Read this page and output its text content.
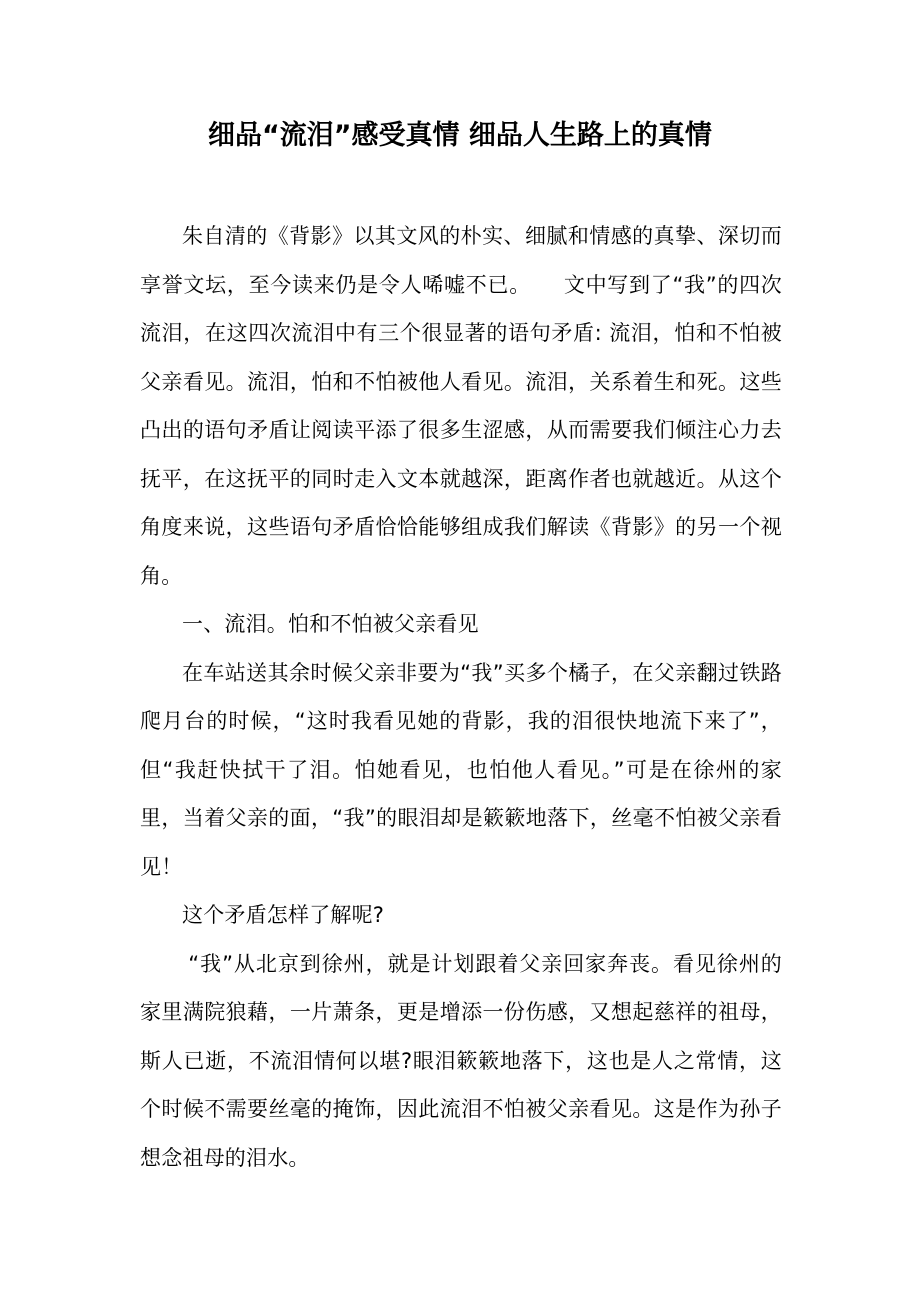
细品“流泪”感受真情 细品人生路上的真情

朱自清的《背影》以其文风的朴实、细腻和情感的真挚、深切而享誉文坛，至今读来仍是令人唏嘘不已。　　文中写到了“我”的四次流泪，在这四次流泪中有三个很显著的语句矛盾: 流泪，怕和不怕被父亲看见。流泪，怕和不怕被他人看见。流泪，关系着生和死。这些凸出的语句矛盾让阅读平添了很多生涩感，从而需要我们倾注心力去抚平，在这抚平的同时走入文本就越深，距离作者也就越近。从这个角度来说，这些语句矛盾恰恰能够组成我们解读《背影》的另一个视角。

一、流泪。怕和不怕被父亲看见

在车站送其余时候父亲非要为“我”买多个橘子，在父亲翻过铁路爬月台的时候，“这时我看见她的背影，我的泪很快地流下来了”，但“我赶快拭干了泪。怕她看见，也怕他人看见。”可是在徐州的家里，当着父亲的面，“我”的眼泪却是簌簌地落下，丝毫不怕被父亲看见！

这个矛盾怎样了解呢?

“我”从北京到徐州，就是计划跟着父亲回家奔丧。看见徐州的家里满院狼藉，一片萧条，更是增添一份伤感，又想起慈祥的祖母，斯人已逝，不流泪情何以堪?眼泪簌簌地落下，这也是人之常情，这个时候不需要丝毫的掩饰，因此流泪不怕被父亲看见。这是作为孙子想念祖母的泪水。
